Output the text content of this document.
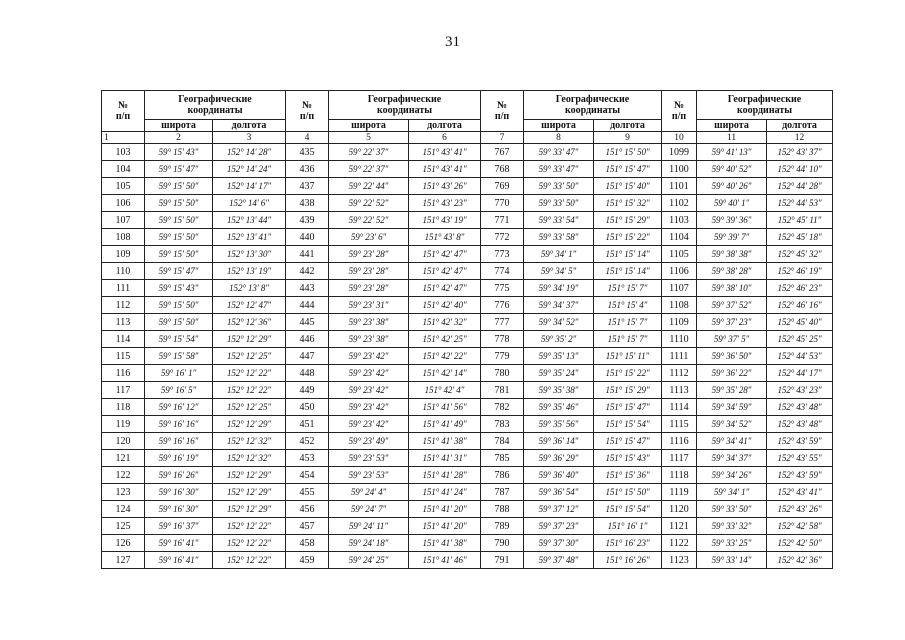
31
№
п/п	Географические
координаты		№
п/п	Географические
координаты		№
п/п	Географические
координаты		№
п/п	Географические
координаты	
	широта	долгота		широта	долгота		широта	долгота		широта	долгота
1	2	3	4	5	6	7	8	9	10	11	12
103	59° 15' 43"	152° 14' 28"	435	59° 22' 37"	151° 43' 41"	767	59° 33' 47"	151° 15' 50"	1099	59° 41' 13"	152° 43' 37"
104	59° 15' 47"	152° 14' 24"	436	59° 22' 37"	151° 43' 41"	768	59° 33' 47"	151° 15' 47"	1100	59° 40' 52"	152° 44' 10"
105	59° 15' 50"	152° 14' 17"	437	59° 22' 44"	151° 43' 26"	769	59° 33' 50"	151° 15' 40"	1101	59° 40' 26"	152° 44' 28"
106	59° 15' 50"	152° 14' 6"	438	59° 22' 52"	151° 43' 23"	770	59° 33' 50"	151° 15' 32"	1102	59° 40' 1"	152° 44' 53"
107	59° 15' 50"	152° 13' 44"	439	59° 22' 52"	151° 43' 19"	771	59° 33' 54"	151° 15' 29"	1103	59° 39' 36"	152° 45' 11"
108	59° 15' 50"	152° 13' 41"	440	59° 23' 6"	151° 43' 8"	772	59° 33' 58"	151° 15' 22"	1104	59° 39' 7"	152° 45' 18"
109	59° 15' 50"	152° 13' 30"	441	59° 23' 28"	151° 42' 47"	773	59° 34' 1"	151° 15' 14"	1105	59° 38' 38"	152° 45' 32"
110	59° 15' 47"	152° 13' 19"	442	59° 23' 28"	151° 42' 47"	774	59° 34' 5"	151° 15' 14"	1106	59° 38' 28"	152° 46' 19"
111	59° 15' 43"	152° 13' 8"	443	59° 23' 28"	151° 42' 47"	775	59° 34' 19"	151° 15' 7"	1107	59° 38' 10"	152° 46' 23"
112	59° 15' 50"	152° 12' 47"	444	59° 23' 31"	151° 42' 40"	776	59° 34' 37"	151° 15' 4"	1108	59° 37' 52"	152° 46' 16"
113	59° 15' 50"	152° 12' 36"	445	59° 23' 38"	151° 42' 32"	777	59° 34' 52"	151° 15' 7"	1109	59° 37' 23"	152° 45' 40"
114	59° 15' 54"	152° 12' 29"	446	59° 23' 38"	151° 42' 25"	778	59° 35' 2"	151° 15' 7"	1110	59° 37' 5"	152° 45' 25"
115	59° 15' 58"	152° 12' 25"	447	59° 23' 42"	151° 42' 22"	779	59° 35' 13"	151° 15' 11"	1111	59° 36' 50"	152° 44' 53"
116	59° 16' 1"	152° 12' 22"	448	59° 23' 42"	151° 42' 14"	780	59° 35' 24"	151° 15' 22"	1112	59° 36' 22"	152° 44' 17"
117	59° 16' 5"	152° 12' 22"	449	59° 23' 42"	151° 42' 4"	781	59° 35' 38"	151° 15' 29"	1113	59° 35' 28"	152° 43' 23"
118	59° 16' 12"	152° 12' 25"	450	59° 23' 42"	151° 41' 56"	782	59° 35' 46"	151° 15' 47"	1114	59° 34' 59"	152° 43' 48"
119	59° 16' 16"	152° 12' 29"	451	59° 23' 42"	151° 41' 49"	783	59° 35' 56"	151° 15' 54"	1115	59° 34' 52"	152° 43' 48"
120	59° 16' 16"	152° 12' 32"	452	59° 23' 49"	151° 41' 38"	784	59° 36' 14"	151° 15' 47"	1116	59° 34' 41"	152° 43' 59"
121	59° 16' 19"	152° 12' 32"	453	59° 23' 53"	151° 41' 31"	785	59° 36' 29"	151° 15' 43"	1117	59° 34' 37"	152° 43' 55"
122	59° 16' 26"	152° 12' 29"	454	59° 23' 53"	151° 41' 28"	786	59° 36' 40"	151° 15' 36"	1118	59° 34' 26"	152° 43' 59"
123	59° 16' 30"	152° 12' 29"	455	59° 24' 4"	151° 41' 24"	787	59° 36' 54"	151° 15' 50"	1119	59° 34' 1"	152° 43' 41"
124	59° 16' 30"	152° 12' 29"	456	59° 24' 7"	151° 41' 20"	788	59° 37' 12"	151° 15' 54"	1120	59° 33' 50"	152° 43' 26"
125	59° 16' 37"	152° 12' 22"	457	59° 24' 11"	151° 41' 20"	789	59° 37' 23"	151° 16' 1"	1121	59° 33' 32"	152° 42' 58"
126	59° 16' 41"	152° 12' 22"	458	59° 24' 18"	151° 41' 38"	790	59° 37' 30"	151° 16' 23"	1122	59° 33' 25"	152° 42' 50"
127	59° 16' 41"	152° 12' 22"	459	59° 24' 25"	151° 41' 46"	791	59° 37' 48"	151° 16' 26"	1123	59° 33' 14"	152° 42' 36"
